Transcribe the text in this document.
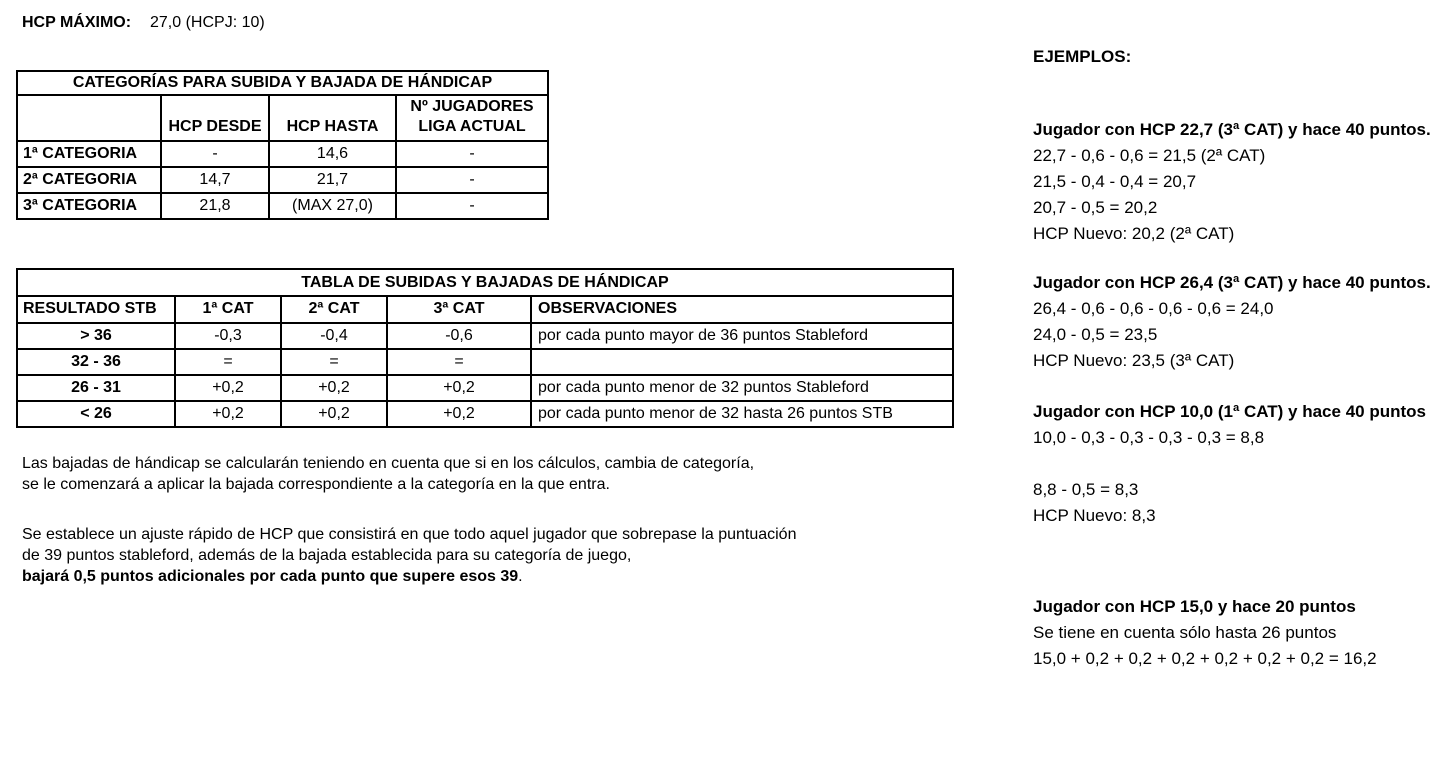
HCP MÁXIMO: 27,0 (HCPJ: 10)
CATEGORÍAS PARA SUBIDA Y BAJADA DE HÁNDICAP			
	HCP DESDE	HCP HASTA	Nº JUGADORES LIGA ACTUAL
1ª CATEGORIA	-	14,6	-
2ª CATEGORIA	14,7	21,7	-
3ª CATEGORIA	21,8	(MAX 27,0)	-
TABLA DE SUBIDAS Y BAJADAS DE HÁNDICAP				
RESULTADO STB	1ª CAT	2ª CAT	3ª CAT	OBSERVACIONES
> 36	-0,3	-0,4	-0,6	por cada punto mayor de 36 puntos Stableford
32 - 36	=	=	=	
26 - 31	+0,2	+0,2	+0,2	por cada punto menor de 32 puntos Stableford
< 26	+0,2	+0,2	+0,2	por cada punto menor de 32 hasta 26 puntos STB
Las bajadas de hándicap se calcularán teniendo en cuenta que si en los cálculos, cambia de categoría,
se le comenzará a aplicar la bajada correspondiente a la categoría en la que entra.
Se establece un ajuste rápido de HCP que consistirá en que todo aquel jugador que sobrepase la puntuación
de 39 puntos stableford, además de la bajada establecida para su categoría de juego,
bajará 0,5 puntos adicionales por cada punto que supere esos 39.
EJEMPLOS:
Jugador con HCP 22,7 (3ª CAT) y hace 40 puntos.
22,7 - 0,6 - 0,6 = 21,5 (2ª CAT)
21,5 - 0,4 - 0,4 = 20,7
20,7 - 0,5 = 20,2
HCP Nuevo: 20,2 (2ª CAT)
Jugador con HCP 26,4 (3ª CAT) y hace 40 puntos.
26,4 - 0,6 - 0,6 - 0,6 - 0,6 = 24,0
24,0 - 0,5 = 23,5
HCP Nuevo: 23,5 (3ª CAT)
Jugador con HCP 10,0 (1ª CAT) y hace 40 puntos
10,0 - 0,3 - 0,3 - 0,3 - 0,3 = 8,8
8,8 - 0,5 = 8,3
HCP Nuevo: 8,3
Jugador con HCP 15,0 y hace 20 puntos
Se tiene en cuenta sólo hasta 26 puntos
15,0 + 0,2 + 0,2 + 0,2 + 0,2 + 0,2 + 0,2 = 16,2
